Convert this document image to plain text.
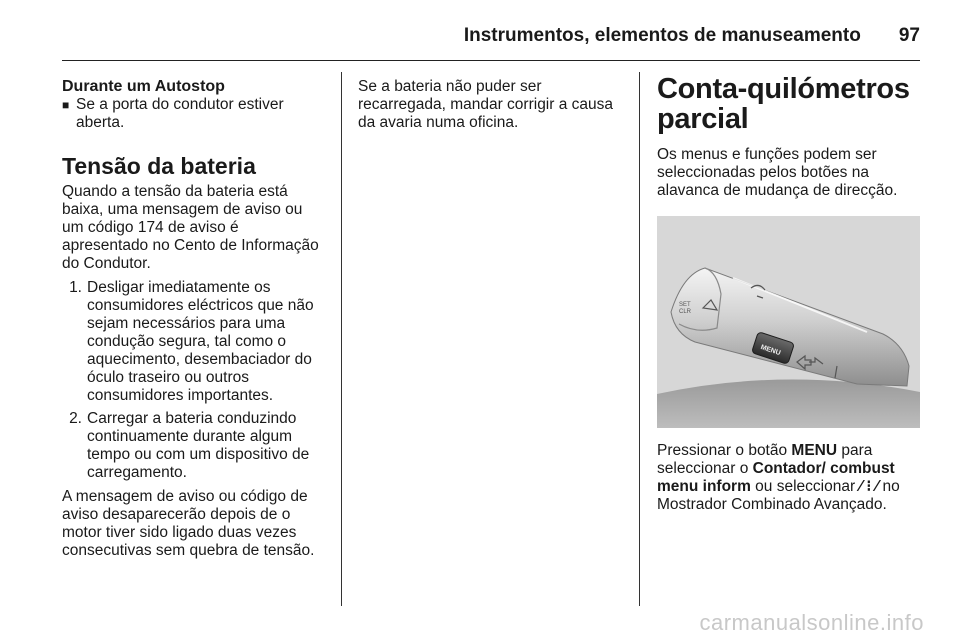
Instrumentos, elementos de manuseamento 97

Durante um Autostop

■ Se a porta do condutor estiver aberta.
Tensão da bateria

Quando a tensão da bateria está baixa, uma mensagem de aviso ou um código 174 de aviso é apresentado no Cento de Informação do Condutor.

1. Desligar imediatamente os consumidores eléctricos que não sejam necessários para uma condução segura, tal como o aquecimento, desembaciador do óculo traseiro ou outros consumidores importantes.
2. Carregar a bateria conduzindo continuamente durante algum tempo ou com um dispositivo de carregamento.

A mensagem de aviso ou código de aviso desaparecerão depois de o motor tiver sido ligado duas vezes consecutivas sem quebra de tensão.

Se a bateria não puder ser recarregada, mandar corrigir a causa da avaria numa oficina.

Conta-quilómetros parcial

Os menus e funções podem ser seleccionadas pelos botões na alavanca de mudança de direcção.

MENU
SET CLR

Pressionar o botão MENU para seleccionar o Contador/ combust menu inform ou seleccionar ⁄ ⁝ ⁄ no Mostrador Combinado Avançado.

carmanualsonline.info
